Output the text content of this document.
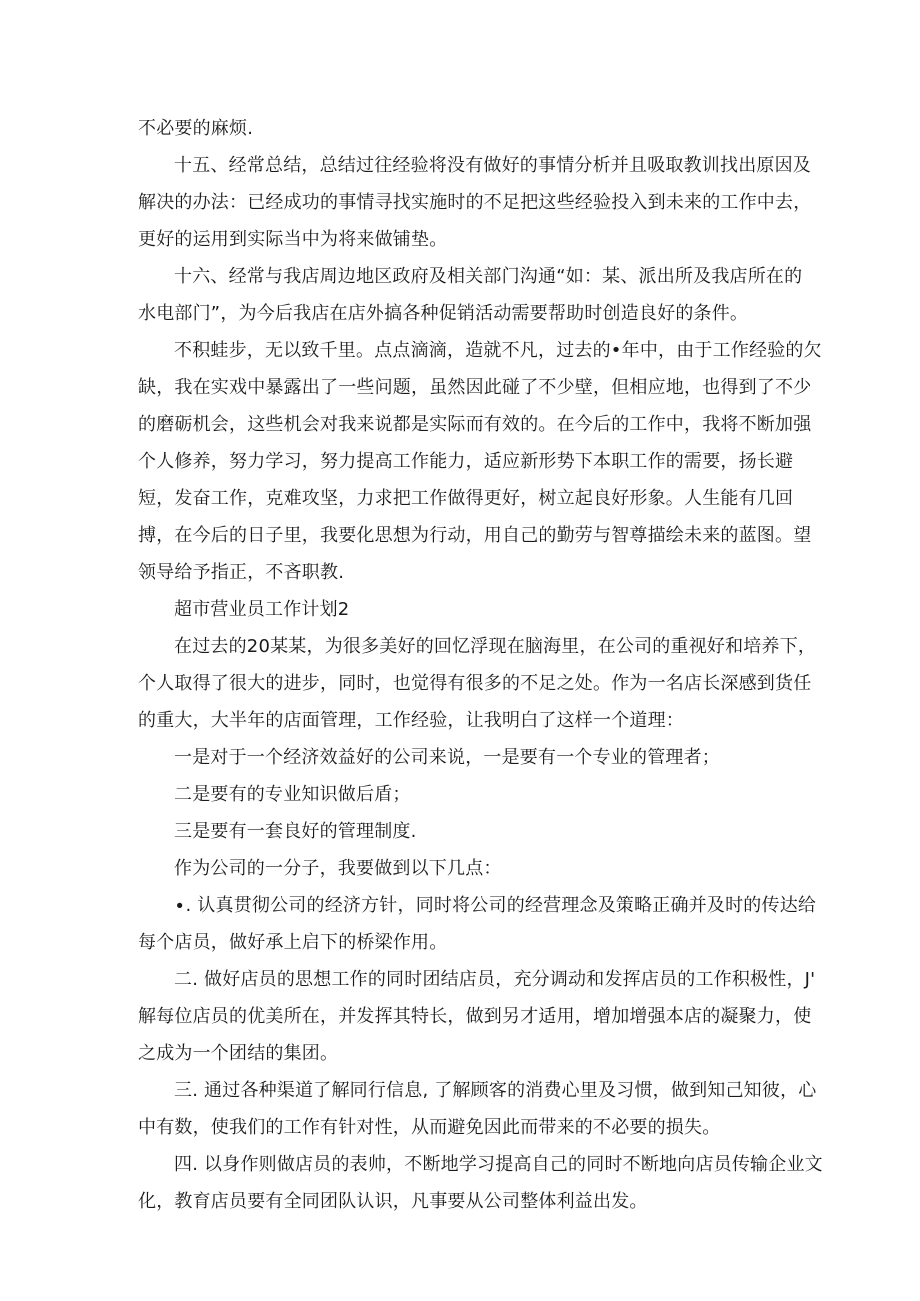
不必要的麻烦.
十五、经常总结，总结过往经验将没有做好的事情分析并且吸取教训找出原因及
解决的办法：已经成功的事情寻找实施时的不足把这些经验投入到未来的工作中去，
更好的运用到实际当中为将来做铺垫。
十六、经常与我店周边地区政府及相关部门沟通“如：某、派出所及我店所在的
水电部门”，为今后我店在店外搞各种促销活动需要帮助时创造良好的条件。
不积蛙步，无以致千里。点点滴滴，造就不凡，过去的•年中，由于工作经验的欠
缺，我在实戏中暴露出了一些问题，虽然因此碰了不少壁，但相应地，也得到了不少
的磨砺机会，这些机会对我来说都是实际而有效的。在今后的工作中，我将不断加强
个人修养，努力学习，努力提高工作能力，适应新形势下本职工作的需要，扬长避
短，发奋工作，克难攻坚，力求把工作做得更好，树立起良好形象。人生能有几回
搏，在今后的日子里，我要化思想为行动，用自己的勤劳与智尊描绘未来的蓝图。望
领导给予指正，不吝职教.
超市营业员工作计划2
在过去的20某某，为很多美好的回忆浮现在脑海里，在公司的重视好和培养下，
个人取得了很大的进步，同时，也觉得有很多的不足之处。作为一名店长深感到货任
的重大，大半年的店面管理，工作经验，让我明白了这样一个道理：
一是对于一个经济效益好的公司来说，一是要有一个专业的管理者；
二是要有的专业知识做后盾；
三是要有一套良好的管理制度.
作为公司的一分子，我要做到以下几点：
∙. 认真贯彻公司的经济方针，同时将公司的经营理念及策略正确并及时的传达给
每个店员，做好承上启下的桥梁作用。
二. 做好店员的思想工作的同时团结店员，充分调动和发挥店员的工作积极性，J'
解每位店员的优美所在，并发挥其特长，做到另才适用，增加增强本店的凝聚力，使
之成为一个团结的集团。
三. 通过各种渠道了解同行信息, 了解顾客的消费心里及习惯，做到知己知彼，心
中有数，使我们的工作有针对性，从而避免因此而带来的不必要的损失。
四. 以身作则做店员的表帅，不断地学习提高自己的同时不断地向店员传输企业文
化，教育店员要有全同团队认识，凡事要从公司整体利益出发。
